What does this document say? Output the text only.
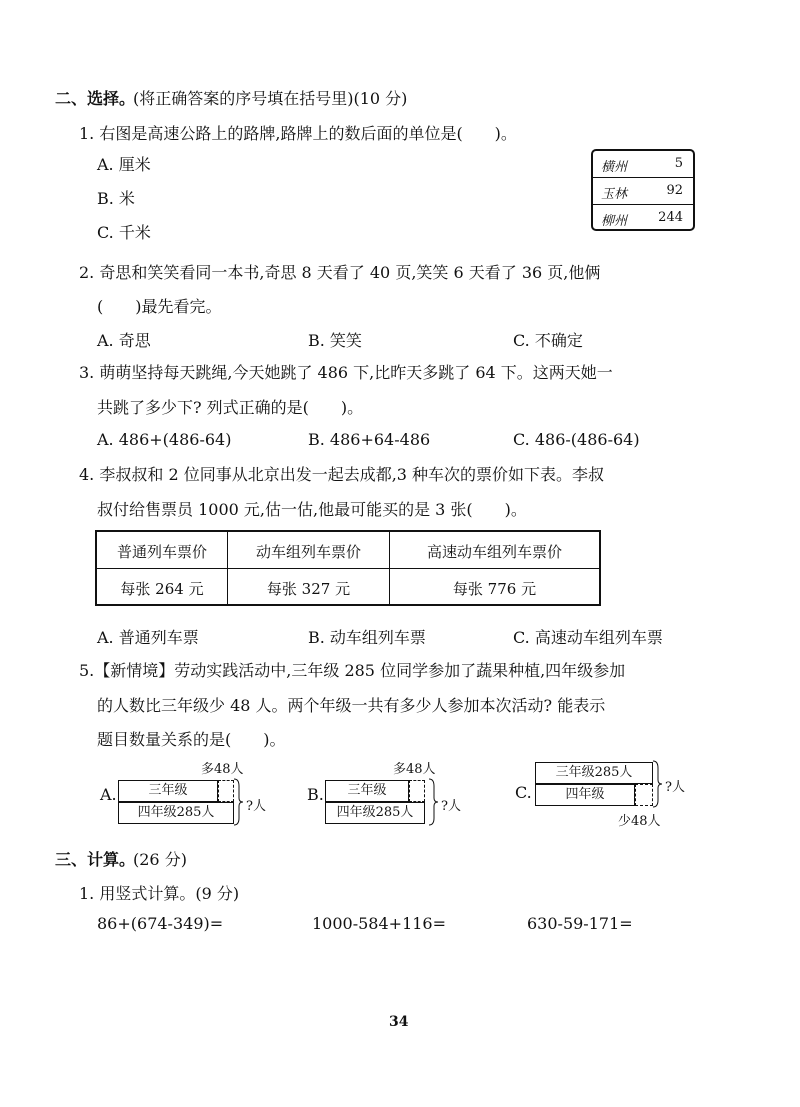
二、选择。
(将正确答案的序号填在括号里)(10 分)
1. 右图是高速公路上的路牌,路牌上的数后面的单位是(　　)。
A. 厘米
B. 米
C. 千米
横州	5
玉林	92
柳州 244
2. 奇思和笑笑看同一本书,奇思 8 天看了 40 页,笑笑 6 天看了 36 页,他俩
(　　)最先看完。
A. 奇思	B. 笑笑	C. 不确定
3. 萌萌坚持每天跳绳,今天她跳了 486 下,比昨天多跳了 64 下。这两天她一
共跳了多少下? 列式正确的是(　　)。
A. 486+(486-64)	B. 486+64-486	C. 486-(486-64)
4. 李叔叔和 2 位同事从北京出发一起去成都,3 种车次的票价如下表。李叔
叔付给售票员 1000 元,估一估,他最可能买的是 3 张(　　)。
普通列车票价	动车组列车票价	高速动车组列车票价
每张 264 元	每张 327 元	每张 776 元
A. 普通列车票	B. 动车组列车票	C. 高速动车组列车票
5.【新情境】劳动实践活动中,三年级 285 位同学参加了蔬果种植,四年级参加
的人数比三年级少 48 人。两个年级一共有多少人参加本次活动? 能表示
题目数量关系的是(　　)。
A.
多48人
三年级
四年级285人	?人
B.
多48人
三年级
四年级285人	?人
C.
三年级285人
四年级	?人
少48人
三、计算。
(26 分)
1. 用竖式计算。(9 分)
86+(674-349)=	1000-584+116=	630-59-171=
34
